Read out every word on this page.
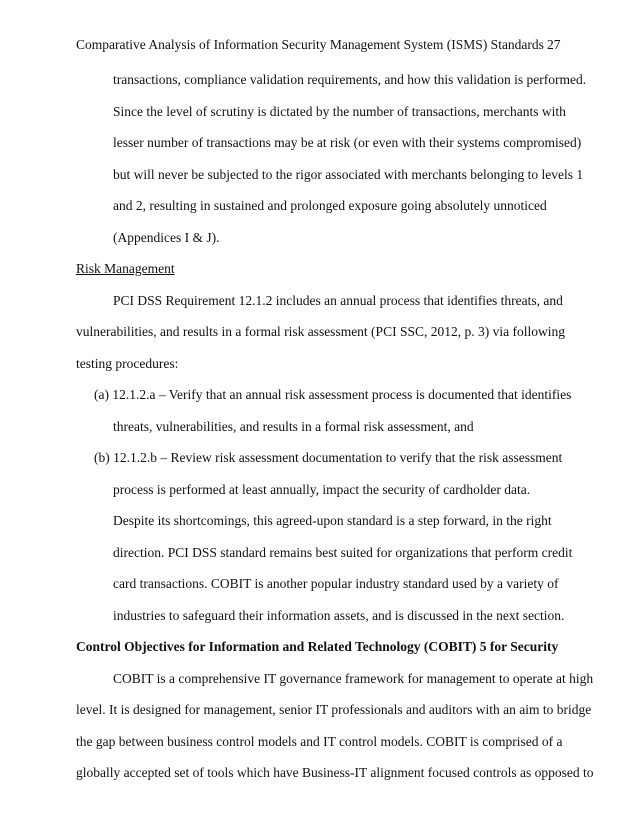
Comparative Analysis of Information Security Management System (ISMS) Standards 27
transactions, compliance validation requirements, and how this validation is performed.
Since the level of scrutiny is dictated by the number of transactions, merchants with
lesser number of transactions may be at risk (or even with their systems compromised)
but will never be subjected to the rigor associated with merchants belonging to levels 1
and 2, resulting in sustained and prolonged exposure going absolutely unnoticed
(Appendices I & J).
Risk Management
PCI DSS Requirement 12.1.2 includes an annual process that identifies threats, and
vulnerabilities, and results in a formal risk assessment (PCI SSC, 2012, p. 3) via following
testing procedures:
(a) 12.1.2.a – Verify that an annual risk assessment process is documented that identifies
threats, vulnerabilities, and results in a formal risk assessment, and
(b) 12.1.2.b – Review risk assessment documentation to verify that the risk assessment
process is performed at least annually, impact the security of cardholder data.
Despite its shortcomings, this agreed-upon standard is a step forward, in the right
direction. PCI DSS standard remains best suited for organizations that perform credit
card transactions. COBIT is another popular industry standard used by a variety of
industries to safeguard their information assets, and is discussed in the next section.
Control Objectives for Information and Related Technology (COBIT) 5 for Security
COBIT is a comprehensive IT governance framework for management to operate at high
level. It is designed for management, senior IT professionals and auditors with an aim to bridge
the gap between business control models and IT control models. COBIT is comprised of a
globally accepted set of tools which have Business-IT alignment focused controls as opposed to
